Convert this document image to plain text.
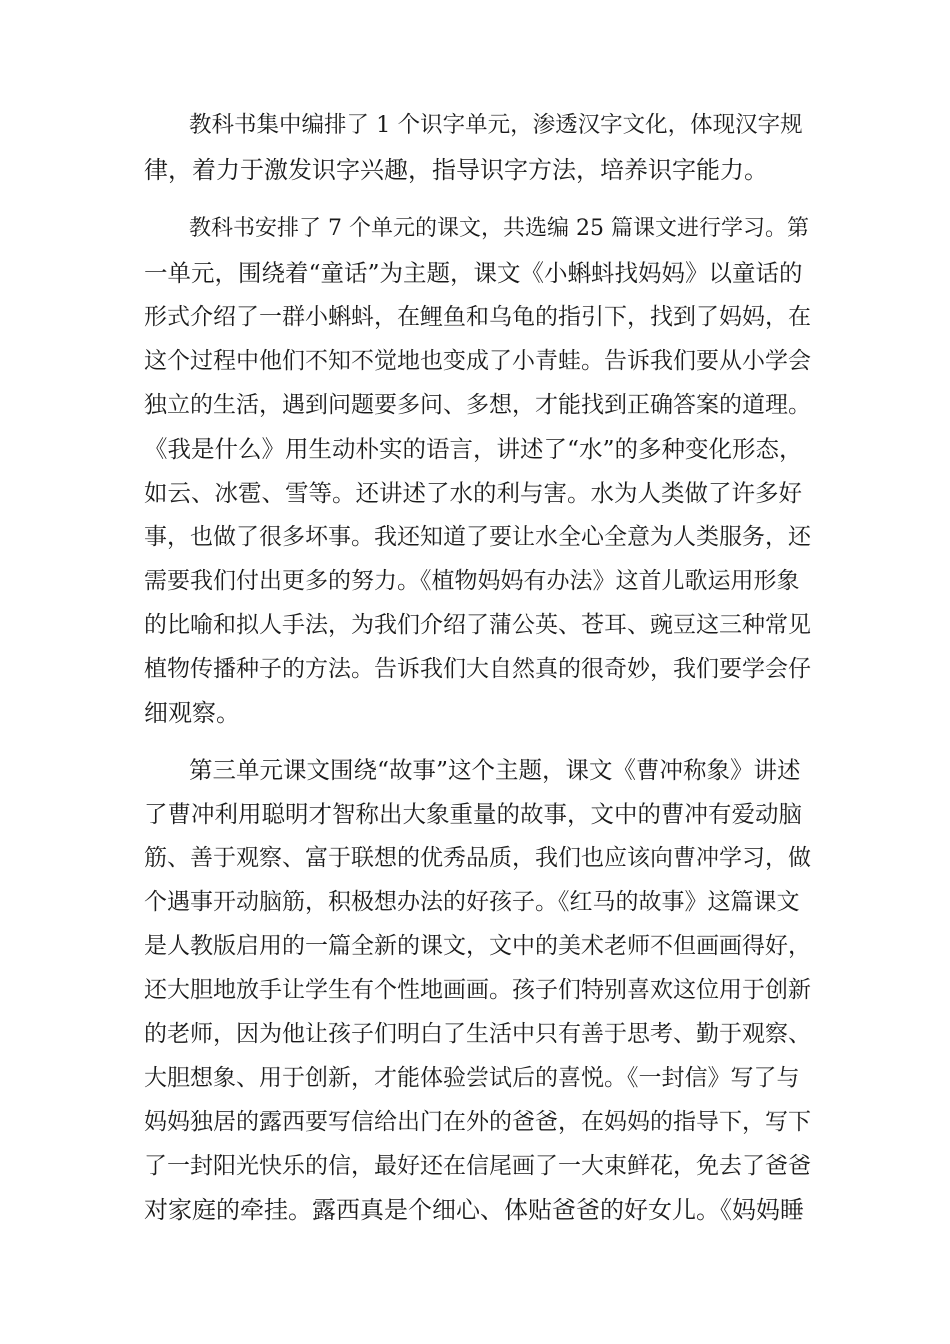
教科书集中编排了 1 个识字单元，渗透汉字文化，体现汉字规
律，着力于激发识字兴趣，指导识字方法，培养识字能力。
教科书安排了 7 个单元的课文，共选编 25 篇课文进行学习。第
一单元，围绕着“童话”为主题，课文《小蝌蚪找妈妈》以童话的
形式介绍了一群小蝌蚪，在鲤鱼和乌龟的指引下，找到了妈妈，在
这个过程中他们不知不觉地也变成了小青蛙。告诉我们要从小学会
独立的生活，遇到问题要多问、多想，才能找到正确答案的道理。
《我是什么》用生动朴实的语言，讲述了“水”的多种变化形态，
如云、冰雹、雪等。还讲述了水的利与害。水为人类做了许多好
事，也做了很多坏事。我还知道了要让水全心全意为人类服务，还
需要我们付出更多的努力。《植物妈妈有办法》这首儿歌运用形象
的比喻和拟人手法，为我们介绍了蒲公英、苍耳、豌豆这三种常见
植物传播种子的方法。告诉我们大自然真的很奇妙，我们要学会仔
细观察。
第三单元课文围绕“故事”这个主题，课文《曹冲称象》讲述
了曹冲利用聪明才智称出大象重量的故事，文中的曹冲有爱动脑
筋、善于观察、富于联想的优秀品质，我们也应该向曹冲学习，做
个遇事开动脑筋，积极想办法的好孩子。《红马的故事》这篇课文
是人教版启用的一篇全新的课文，文中的美术老师不但画画得好，
还大胆地放手让学生有个性地画画。孩子们特别喜欢这位用于创新
的老师，因为他让孩子们明白了生活中只有善于思考、勤于观察、
大胆想象、用于创新，才能体验尝试后的喜悦。《一封信》写了与
妈妈独居的露西要写信给出门在外的爸爸，在妈妈的指导下，写下
了一封阳光快乐的信，最好还在信尾画了一大束鲜花，免去了爸爸
对家庭的牵挂。露西真是个细心、体贴爸爸的好女儿。《妈妈睡
